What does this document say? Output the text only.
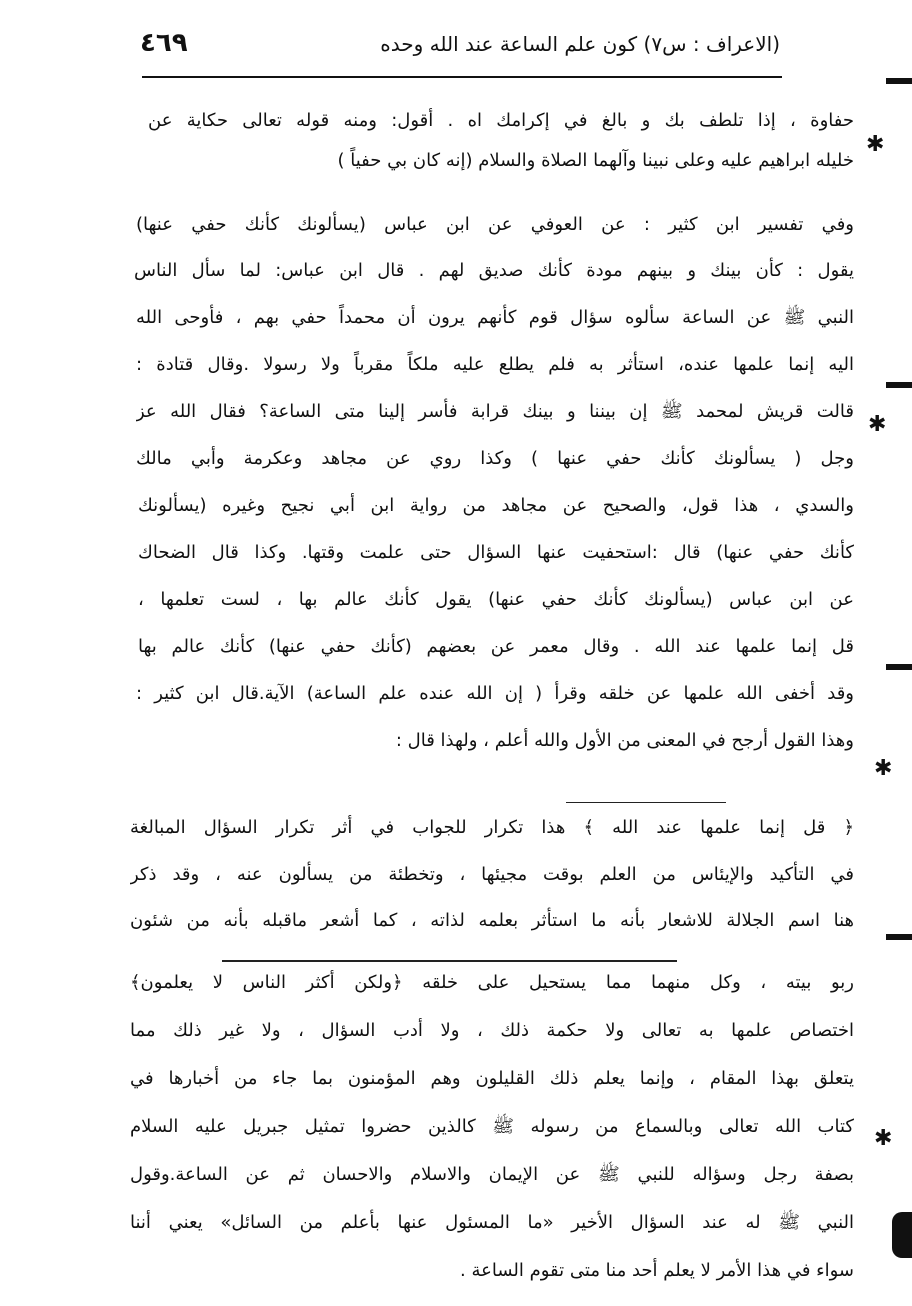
(الاعراف : س٧) كون علم الساعة عند الله وحده
٤٦٩
حفاوة ، إذا تلطف بك و بالغ في إكرامك اه . أقول: ومنه قوله تعالى حكاية عن
خليله ابراهيم عليه وعلى نبينا وآلهما الصلاة والسلام (إنه كان بي حفياً )
وفي تفسير ابن كثير : عن العوفي عن ابن عباس (يسألونك كأنك حفي عنها)
يقول : كأن بينك و بينهم مودة كأنك صديق لهم . قال ابن عباس: لما سأل الناس
النبي ﷺ عن الساعة سألوه سؤال قوم كأنهم يرون أن محمداً حفي بهم ، فأوحى الله
اليه إنما علمها عنده، استأثر به فلم يطلع عليه ملكاً مقرباً ولا رسولا .وقال قتادة :
قالت قريش لمحمد ﷺ إن بيننا و بينك قرابة فأسر إلينا متى الساعة؟ فقال الله عز
وجل ( يسألونك كأنك حفي عنها ) وكذا روي عن مجاهد وعكرمة وأبي مالك
والسدي ، هذا قول، والصحيح عن مجاهد من رواية ابن أبي نجيح وغيره (يسألونك
كأنك حفي عنها) قال :استحفيت عنها السؤال حتى علمت وقتها. وكذا قال الضحاك
عن ابن عباس (يسألونك كأنك حفي عنها) يقول كأنك عالم بها ، لست تعلمها ،
قل إنما علمها عند الله . وقال معمر عن بعضهم (كأنك حفي عنها) كأنك عالم بها
وقد أخفى الله علمها عن خلقه وقرأ ( إن الله عنده علم الساعة) الآية.قال ابن كثير :
وهذا القول أرجح في المعنى من الأول والله أعلم ، ولهذا قال :
﴿ قل إنما علمها عند الله ﴾ هذا تكرار للجواب في أثر تكرار السؤال المبالغة
في التأكيد والإيئاس من العلم بوقت مجيئها ، وتخطئة من يسألون عنه ، وقد ذكر
هنا اسم الجلالة للاشعار بأنه ما استأثر بعلمه لذاته ، كما أشعر ماقبله بأنه من شئون
ربو بيته ، وكل منهما مما يستحيل على خلقه ﴿ولكن أكثر الناس لا يعلمون﴾
اختصاص علمها به تعالى ولا حكمة ذلك ، ولا أدب السؤال ، ولا غير ذلك مما
يتعلق بهذا المقام ، وإنما يعلم ذلك القليلون وهم المؤمنون بما جاء من أخبارها في
كتاب الله تعالى وبالسماع من رسوله ﷺ كالذين حضروا تمثيل جبريل عليه السلام
بصفة رجل وسؤاله للنبي ﷺ عن الإيمان والاسلام والاحسان ثم عن الساعة.وقول
النبي ﷺ له عند السؤال الأخير «ما المسئول عنها بأعلم من السائل» يعني أننا
سواء في هذا الأمر لا يعلم أحد منا متى تقوم الساعة .
✱
✱
✱
✱
